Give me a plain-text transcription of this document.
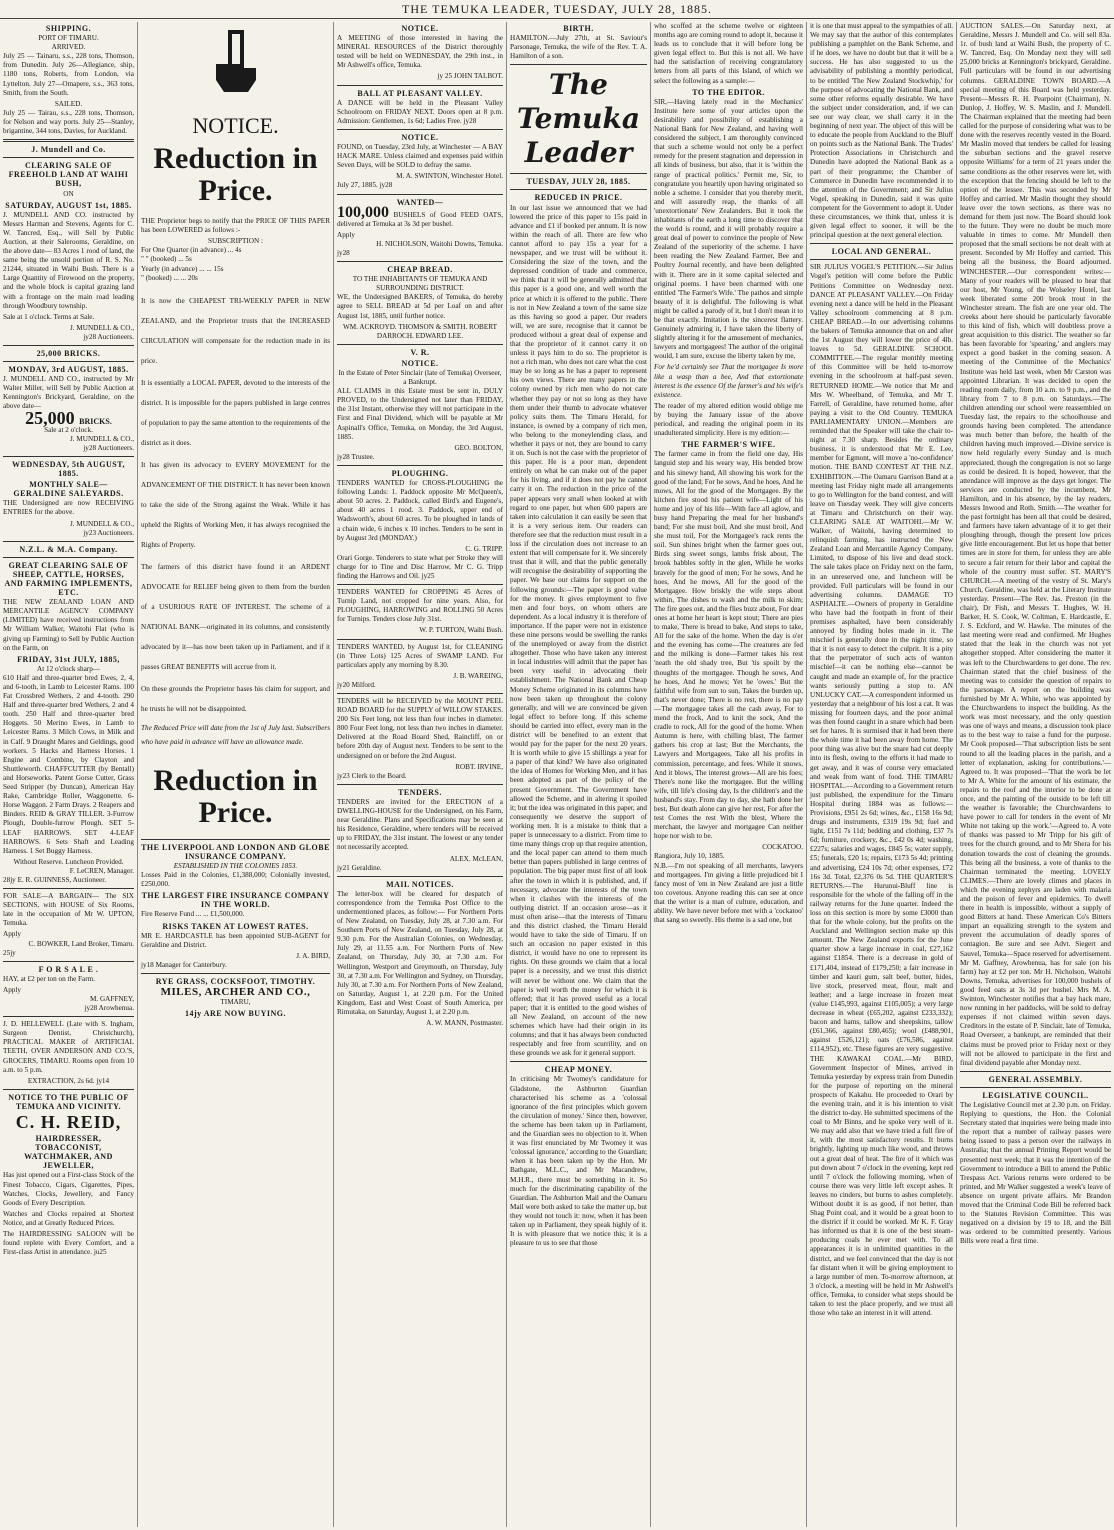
THE TEMUKA LEADER, TUESDAY, JULY 28, 1885.
SHIPPING.
PORT OF TIMARU.
ARRIVED.

July 25 — Tainaru, s.s., 228 tons, Thomson, from Dunedin. July 26—Allegiance, ship, 1180 tons, Roberts, from London, via Lyttelton. July 27—Omapere, s.s., 363 tons, Smith, from the South.

SAILED.

July 25 — Tairau, s.s., 228 tons, Thomson, for Nelson and way ports. July 25—Stanley, brigantine, 344 tons, Davies, for Auckland.

J. Mundell and Co.
CLEARING SALE OF FREEHOLD LAND AT WAIHI BUSH,
ON
SATURDAY, AUGUST 1st, 1885.

J. MUNDELL AND CO. instructed by Messrs Harman and Stevens, Agents for C. W. Tancred, Esq., will Sell by Public Auction, at their Salerooms, Geraldine, on the above date— 83 Acres 1 rood of land, the same being the unsold portion of R. S. No. 21244, situated in Waihi Bush. There is a Large Quantity of Firewood on the property, and the whole block is capital grazing land with a frontage on the main road leading through Woodbury township.

Sale at 1 o'clock. Terms at Sale.

J. MUNDELL & CO.,
jy28 Auctioneers.
25,000 BRICKS.
MONDAY, 3rd AUGUST, 1885.

J. MUNDELL AND CO., instructed by Mr Walter Miller, will Sell by Public Auction at Kennington's Brickyard, Geraldine, on the above date—

25,000 BRICKS.
Sale at 2 o'clock.
J. MUNDELL & CO.,
jy28 Auctioneers.
WEDNESDAY, 5th AUGUST, 1885.
MONTHLY SALE—GERALDINE SALEYARDS.

THE Undersigned are now RECEIVING ENTRIES for the above.

J. MUNDELL & CO.,
jy23 Auctioneers.
N.Z.L. & M.A. Company.
GREAT CLEARING SALE OF SHEEP, CATTLE, HORSES, AND FARMING IMPLEMENTS, ETC.

THE NEW ZEALAND LOAN AND MERCANTILE AGENCY COMPANY (LIMITED) have received instructions from Mr William Walker, Waitohi Flat (who is giving up Farming) to Sell by Public Auction on the Farm, on

FRIDAY, 31st JULY, 1885,
At 12 o'clock sharp—

610 Half and three-quarter bred Ewes, 2, 4, and 6-tooth, in Lamb to Leicester Rams. 100 Fat Crossbred Wethers, 2 and 4-tooth. 290 Half and three-quarter bred Wethers, 2 and 4 tooth. 250 Half and three-quarter bred Hoggets. 50 Merino Ewes, in Lamb to Leicester Rams. 3 Milch Cows, in Milk and in Calf. 9 Draught Mares and Geldings, good workers. 5 Hacks and Harness Horses. 1 Engine and Combine, by Clayton and Shuttleworth. CHAFFCUTTER (by Bentall) and Horseworks. Patent Gorse Cutter, Grass Seed Stripper (by Duncan), American Hay Rake, Cambridge Roller, Waggonette. 6-Horse Waggon. 2 Farm Drays. 2 Reapers and Binders. REID & GRAY TILLER. 3-Furrow Plough, Double-furrow Plough. SET 5-LEAF HARROWS. SET 4-LEAF HARROWS. 6 Sets Shaft and Leading Harness. 1 Set Buggy Harness.

Without Reserve. Luncheon Provided.
F. LeCREN, Manager.
28jy E. R. GUINNESS, Auctioneer.

FOR SALE—A BARGAIN— The SIX SECTIONS, with HOUSE of Six Rooms, late in the occupation of Mr W. UPTON, Temuka.

Apply
C. BOWKER, Land Broker, Timaru.
25jy
F O R S A L E .

HAY, at £2 per ton on the Farm.

Apply
M. GAFFNEY,
jy28 Arowhenua.

J. D. HELLEWELL (Late with S. Ingham, Surgeon Dentist, Christchurch), PRACTICAL MAKER of ARTIFICIAL TEETH, OVER ANDERSON AND CO.'S, GROCERS, TIMARU. Rooms open from 10 a.m. to 5 p.m.

EXTRACTION, 2s 6d. jy14
NOTICE TO THE PUBLIC OF TEMUKA AND VICINITY.
C. H. REID,
HAIRDRESSER, TOBACCONIST, WATCHMAKER, AND JEWELLER,

Has just opened out a First-class Stock of the Finest Tobacco, Cigars, Cigarettes, Pipes, Watches, Clocks, Jewellery, and Fancy Goods of Every Description.

Watches and Clocks repaired at Shortest Notice, and at Greatly Reduced Prices.

The HAIRDRESSING SALOON will be found replete with Every Comfort, and a First-class Artist in attendance. ju25

NOTICE.
Reduction in Price.

THE Proprietor begs to notify that the PRICE OF THIS PAPER has been LOWERED as follows :-

SUBSCRIPTION :
For One Quarter (in advance) ... 4s
" " (booked) ... 5s
Yearly (in advance) ... ... 15s
" (booked) ... ... 20s

It is now the CHEAPEST TRI-WEEKLY PAPER in NEW ZEALAND, and the Proprietor trusts that the INCREASED CIRCULATION will compensate for the reduction made in its price.

It is essentially a LOCAL PAPER, devoted to the interests of the district. It is impossible for the papers published in large centres of population to pay the same attention to the requirements of the district as it does.

It has given its advocacy to EVERY MOVEMENT for the ADVANCEMENT OF THE DISTRICT. It has never been known to take the side of the Strong against the Weak. While it has upheld the Rights of Working Men, it has always recognised the Rights of Property.

The farmers of this district have found it an ARDENT ADVOCATE for RELIEF being given to them from the burden of a USURIOUS RATE OF INTEREST. The scheme of a NATIONAL BANK—originated in its columns, and consistently advocated by it—has now been taken up in Parliament, and if it passes GREAT BENEFITS will accrue from it.

On these grounds the Proprietor bases his claim for support, and he trusts he will not be disappointed.

The Reduced Price will date from the 1st of July last. Subscribers who have paid in advance will have an allowance made.

Reduction in Price.
THE LIVERPOOL AND LONDON AND GLOBE INSURANCE COMPANY.
ESTABLISHED IN THE COLONIES 1853.

Losses Paid in the Colonies, £1,388,000; Colonially invested, £250,000.

THE LARGEST FIRE INSURANCE COMPANY IN THE WORLD.
Fire Reserve Fund ... ... £1,500,000.
RISKS TAKEN AT LOWEST RATES.

MR E. HARDCASTLE has been appointed SUB-AGENT for Geraldine and District.

J. A. BIRD,
jy18 Manager for Canterbury.
RYE GRASS, COCKSFOOT, TIMOTHY.
MILES, ARCHER AND CO.,
TIMARU,
14jy ARE NOW BUYING.
NOTICE.

A MEETING of those interested in having the MINERAL RESOURCES of the District thoroughly tested will be held on WEDNESDAY, the 29th inst., in Mr Ashwell's office, Temuka.

jy 25 JOHN TALBOT.
BALL AT PLEASANT VALLEY.

A DANCE will be held in the Pleasant Valley Schoolroom on FRIDAY NEXT. Doors open at 8 p.m. Admission: Gentlemen, 1s 6d; Ladies Free. jy28

NOTICE.

FOUND, on Tuesday, 23rd July, at Winchester — A BAY HACK MARE. Unless claimed and expenses paid within Seven Days, will be SOLD to defray the same.

M. A. SWINTON, Winchester Hotel.
July 27, 1885. jy28
WANTED—

100,000 BUSHELS of Good FEED OATS, delivered at Temuka at 3s 3d per bushel.

Apply
H. NICHOLSON, Waitohi Downs, Temuka.
jy28
CHEAP BREAD.
TO THE INHABITANTS OF TEMUKA AND SURROUNDING DISTRICT.

WE, the Undersigned BAKERS, of Temuka, do hereby agree to SELL BREAD at 5d per Loaf on and after August 1st, 1885, until further notice.

WM. ACKROYD. THOMSON & SMITH. ROBERT DARROCH. EDWARD LEE.
V. R.
NOTICE.
In the Estate of Peter Sinclair (late of Temuka) Overseer, a Bankrupt.

ALL CLAIMS in this Estate must be sent in, DULY PROVED, to the Undersigned not later than FRIDAY, the 31st Instant, otherwise they will not participate in the First and Final Dividend, which will be payable at Mr Aspinall's Office, Temuka, on Monday, the 3rd August, 1885.

GEO. BOLTON,
jy28 Trustee.
PLOUGHING.

TENDERS WANTED for CROSS-PLOUGHING the following Lands: 1. Paddock opposite Mr McQueen's, about 50 acres. 2. Paddock, called Bird's and Eugene's, about 40 acres 1 rood. 3. Paddock, upper end of Wadsworth's, about 60 acres. To be ploughed in lands of a chain wide, 6 inches x 10 inches. Tenders to be sent in by August 3rd (MONDAY.)

C. G. TRIPP.

Orari Gorge. Tenderers to state what per Stroke they will charge for to Tine and Disc Harrow, Mr C. G. Tripp finding the Harrows and Oil. jy25

TENDERS WANTED for CROPPING 45 Acres of Turnip Land, not cropped for nine years. Also, for PLOUGHING, HARROWING and ROLLING 50 Acres for Turnips. Tenders close July 31st.

W. P. TURTON, Waihi Bush.

TENDERS WANTED, by August 1st, for CLEANING (in Three Lots) 125 Acres of SWAMP LAND. For particulars apply any morning by 8.30.

J. B. WAREING,
jy20 Milford.

TENDERS will be RECEIVED by the MOUNT PEEL ROAD BOARD for the SUPPLY of WILLOW STAKES. 200 Six Feet long, not less than four inches in diameter. 800 Four Feet long, not less than two inches in diameter. Delivered at the Road Board Shed, Raincliff, on or before 20th day of August next. Tenders to be sent to the undersigned on or before the 2nd August.

ROBT. IRVINE,
jy23 Clerk to the Board.
TENDERS.

TENDERS are invited for the ERECTION of a DWELLING-HOUSE for the Undersigned, on his Farm, near Geraldine. Plans and Specifications may be seen at his Residence, Geraldine, where tenders will be received up to FRIDAY, the 31st instant. The lowest or any tender not necessarily accepted.

ALEX. McLEAN,
jy21 Geraldine.
MAIL NOTICES.

The letter-box will be cleared for despatch of correspondence from the Temuka Post Office to the undermentioned places, as follow:— For Northern Ports of New Zealand, on Tuesday, July 28, at 7.30 a.m. For Southern Ports of New Zealand, on Tuesday, July 28, at 9.30 p.m. For the Australian Colonies, on Wednesday, July 29, at 11.55 a.m. For Northern Ports of New Zealand, on Thursday, July 30, at 7.30 a.m. For Wellington, Westport and Greymouth, on Thursday, July 30, at 7.30 a.m. For Wellington and Sydney, on Thursday, July 30, at 7.30 a.m. For Northern Ports of New Zealand, on Saturday, August 1, at 2.20 p.m. For the United Kingdom, East and West Coast of South America, per Rimutaka, on Saturday, August 1, at 2.20 p.m.

A. W. MANN, Postmaster.
BIRTH.

HAMILTON.—July 27th, at St. Saviour's Parsonage, Temuka, the wife of the Rev. T. A. Hamilton of a son.

The Temuka Leader
TUESDAY, JULY 28, 1885.
REDUCED IN PRICE.

In our last issue we announced that we had lowered the price of this paper to 15s paid in advance and £1 if booked per annum. It is now within the reach of all. There are few who cannot afford to pay 15s a year for a newspaper, and we trust will be without it. Considering the size of the town, and the depressed condition of trade and commerce, we think that it will be generally admitted that this paper is a good one, and well worth the price at which it is offered to the public. There is not in New Zealand a town of the same size as this having so good a paper. Our readers will, we are sure, recognise that it cannot be produced without a great deal of expense and that the proprietor of it cannot carry it on unless it pays him to do so. The proprietor is not a rich man, who does not care what the cost may be so long as he has a paper to represent his own views. There are many papers in the colony owned by rich men who do not care whether they pay or not so long as they have them under their thumb to advocate whatever policy suits them. The Timaru Herald, for instance, is owned by a company of rich men, who belong to the moneylending class, and whether it pays or not, they are bound to carry it on. Such is not the case with the proprietor of this paper. He is a poor man, dependent entirely on what he can make out of the paper for his living, and if it does not pay he cannot carry it on. The reduction in the price of the paper appears very small when looked at with regard to one paper, but when 600 papers are taken into calculation it can easily be seen that it is a very serious item. Our readers can therefore see that the reduction must result in a loss if the circulation does not increase to an extent that will compensate for it. We sincerely trust that it will, and that the public generally will recognise the desirability of supporting the paper. We base our claims for support on the following grounds:—The paper is good value for the money. It gives employment to five men and four boys, on whom others are dependent. As a local industry it is therefore of importance. If the paper were not in existence these nine persons would be swelling the ranks of the unemployed or away from the district altogether. Those who have taken any interest in local industries will admit that the paper has been very useful in advocating their establishment. The National Bank and Cheap Money Scheme originated in its columns have now been taken up throughout the colony generally, and will we are convinced be given legal effect to before long. If this scheme should be carried into effect, every man in the district will be benefited to an extent that would pay for the paper for the next 20 years. It is worth while to give 15 shillings a year for a paper of that kind? We have also originated the idea of Homes for Working Men, and it has been adopted as part of the policy of the present Government. The Government have allowed the Scheme, and in altering it spoiled it; but the idea was originated in this paper, and consequently we deserve the support of working men. It is a mistake to think that a paper is unnecessary to a district. From time to time many things crop up that require attention, and the local paper can attend to them much better than papers published in large centres of population. The big paper must first of all look after the town in which it is published, and, if necessary, advocate the interests of the town when it clashes with the interests of the outlying district. If an occasion arose—as it must often arise—that the interests of Timaru and this district clashed, the Timaru Herald would have to take the side of Timaru. If on such an occasion no paper existed in this district, it would have no one to represent its rights. On these grounds we claim that a local paper is a necessity, and we trust this district will never be without one. We claim that the paper is well worth the money for which it is offered; that it has proved useful as a local paper; that it is entitled to the good wishes of all New Zealand, on account of the new schemes which have had their origin in its columns; and that it has always been conducted respectably and free from scurrility, and on these grounds we ask for it general support.

CHEAP MONEY.

In criticising Mr Twomey's candidature for Gladstone, the Ashburton Guardian characterised his scheme as a 'colossal ignorance of the first principles which govern the circulation of money.' Since then, however, the scheme has been taken up in Parliament, and the Guardian sees no objection to it. When it was first enunciated by Mr Twomey it was 'colossal ignorance,' according to the Guardian; when it has been taken up by the Hon. Mr Bathgate, M.L.C., and Mr Macandrew, M.H.R., there must be something in it. So much for the discriminating capability of the Guardian. The Ashburton Mail and the Oamaru Mail were both asked to take the matter up, but they would not touch it: now, when it has been taken up in Parliament, they speak highly of it. It is with pleasure that we notice this; it is a pleasure to us to see that those

who scoffed at the scheme twelve or eighteen months ago are coming round to adopt it, because it leads us to conclude that it will before long be given legal effect to. But this is not all. We have had the satisfaction of receiving congratulatory letters from all parts of this Island, of which we select the following as a sample:—

TO THE EDITOR.

SIR,—Having lately read in the Mechanics' Institute here some of your articles upon the desirability and possibility of establishing a National Bank for New Zealand, and having well considered the subject, I am thoroughly convinced that such a scheme would not only be a perfect remedy for the present stagnation and depression in all kinds of business, but also, that it is 'within the range of practical politics.' Permit me, Sir, to congratulate you heartily upon having originated so noble a scheme. I consider that you thereby merit, and will assuredly reap, the thanks of all 'unextortionate' New Zealanders. But it took the inhabitants of the earth a long time to discover that the world is round, and it will probably require a great deal of power to convince the people of New Zealand of the superiority of the scheme. I have been reading the New Zealand Farmer, Bee and Poultry Journal recently, and have been delighted with it. There are in it some capital selected and original poems. I have been charmed with one entitled 'The Farmer's Wife.' The pathos and simple beauty of it is delightful. The following is what might be called a parody of it, but I don't mean it to be that exactly. Imitation is the sincerest flattery. Genuinely admiring it, I have taken the liberty of slightly altering it for the amusement of mechanics, lawyers and mortgagees! The author of the original would, I am sure, excuse the liberty taken by me,

For he'd certainly see That the mortgagee Is more like a wasp than a bee, And that extortionate interest is the essence Of the farmer's and his wife's existence.

The reader of my altered edition would oblige me by buying the January issue of the above periodical, and reading the original poem in its unadulterated simplicity. Here is my edition:—

THE FARMER'S WIFE.

The farmer came in from the field one day, His languid step and his weary way, His bended brow and his sinewy hand, All showing his work for the good of the land; For he sows, And he hoes, And he mows, All for the good of the Mortgagee. By the kitchen fire stood his patient wife—Light of his home and joy of his life—With face all aglow, and busy hand Preparing the meal for her husband's band; For she must boil, And she must broil, And she must toil, For the Mortgagee's rack rents the soil. Sun shines bright when the farmer goes out, Birds sing sweet songs, lambs frisk about, The brook babbles softly in the glen, While he works bravely for the good of men; For he sows, And he hoes, And he mows, All for the good of the Mortgagee. How briskly the wife steps about within, The dishes to wash and the milk to skim; The fire goes out, and the flies buzz about, For dear ones at home her heart is kept stout; There are pies to make, There is bread to bake, And steps to take, All for the sake of the home. When the day is o'er and the evening has come—The creatures are fed and the milking is done—Farmer takes his rest 'neath the old shady tree, But 'tis spoilt by the thoughts of the mortgagee. Though he sows, And he hoes, And he mows; Yet he 'owes.' But the faithful wife from sun to sun, Takes the burden up, that's never done; There is no rest, there is no pay—The mortgagee takes all the cash away, For to mend the frock, And to knit the sock, And the cradle to rock, All for the good of the home. When Autumn is here, with chilling blast, The farmer gathers his crop at last; But the Merchants, the Lawyers and Mortgagees, Take all his profits in commission, percentage, and fees. While it snows, And it blows, The interest grows—All are his foes; There's none like the mortgagee. But the willing wife, till life's closing day, Is the children's and the husband's stay. From day to day, she hath done her best, But death alone can give her rest, For after the test Comes the rest With the blest, Where the merchant, the lawyer and mortgagee Can neither hope nor wish to be.

COCKATOO.
Rangiora, July 10, 1885.

N.B.—I'm not speaking of all merchants, lawyers and mortgagees. I'm giving a little prejudiced bit I fancy most of 'em in New Zealand are just a little too covetous. Anyone reading this can see at once that the writer is a man of culture, education, and ability. We have never before met with a 'cockatoo' that sang so sweetly. His theme is a sad one, but

it is one that must appeal to the sympathies of all. We may say that the author of this contemplates publishing a pamphlet on the Bank Scheme, and if he does, we have no doubt but that it will be a success. He has also suggested to us the advisability of publishing a monthly periodical, to be entitled 'The New Zealand Stockwhip,' for the purpose of advocating the National Bank, and some other reforms equally desirable. We have the subject under consideration, and, if we can see our way clear, we shall carry it in the beginning of next year. The object of this will be to educate the people from Auckland to the Bluff on points such as the National Bank. The Trades' Protection Associations in Christchurch and Dunedin have adopted the National Bank as a part of their programme; the Chamber of Commerce in Dunedin have recommended it to the attention of the Government; and Sir Julius Vogel, speaking in Dunedin, said it was quite competent for the Government to adopt it. Under these circumstances, we think that, unless it is given legal effect to sooner, it will be the principal question at the next general election.

LOCAL AND GENERAL.

SIR JULIUS VOGEL'S PETITION.—Sir Julius Vogel's petition will come before the Public Petitions Committee on Wednesday next. DANCE AT PLEASANT VALLEY.—On Friday evening next a dance will be held in the Pleasant Valley schoolroom commencing at 8 p.m. CHEAP BREAD.—In our advertising columns the bakers of Temuka announce that on and after the 1st August they will lower the price of 4lb. loaves to 5d. GERALDINE SCHOOL COMMITTEE.—The regular monthly meeting of this Committee will be held to-morrow evening in the schoolroom at half-past seven. RETURNED HOME.—We notice that Mr and Mrs W. Wheelband, of Temuka, and Mr T. Farrell, of Geraldine, have returned home, after paying a visit to the Old Country. TEMUKA PARLIAMENTARY UNION.—Members are reminded that the Speaker will take the chair to-night at 7.30 sharp. Besides the ordinary business, it is understood that Mr E. Lee, member for Egmont, will move a 'no-confidence' motion. THE BAND CONTEST AT THE N.Z. EXHIBITION.—The Oamaru Garrison Band at a meeting last Friday night made all arrangements to go to Wellington for the band contest, and will leave on Tuesday week. They will give concerts at Timaru and Christchurch on their way. CLEARING SALE AT WAITOHI.—Mr W. Walker, of Waitohi, having determined to relinquish farming, has instructed the New Zealand Loan and Mercantile Agency Company, Limited, to dispose of his live and dead stock. The sale takes place on Friday next on the farm, in an unreserved one, and luncheon will be provided. Full particulars will be found in our advertising columns. DAMAGE TO ASPHALTE.—Owners of property in Geraldine who have had the footpath in front of their premises asphalted, have been considerably annoyed by finding holes made in it. The mischief is generally done in the night time, so that it is not easy to detect the culprit. It is a pity that the perpetrator of such acts of wanton mischief—it can be nothing else—cannot be caught and made an example of, for the practice wants seriously putting a stop to. AN UNLUCKY CAT.—A correspondent informed us yesterday that a neighbour of his lost a cat. It was missing for fourteen days, and the poor animal was then found caught in a snare which had been set for hares. It is surmised that it had been there the whole time it had been away from home. The poor thing was alive but the snare had cut deeply into its flesh, owing to the efforts it had made to get away, and it was of course very emaciated and weak from want of food. THE TIMARU HOSPITAL.—According to a Government return just published, the expenditure for the Timaru Hospital during 1884 was as follows:—Provisions, £951 2s 6d; wines, &c., £158 16s 9d; drugs and instruments, £319 19s 9d; fuel and light, £151 7s 11d; bedding and clothing, £37 7s 6d; furniture, crockery, &c., £42 0s 4d; washing, £227s; salaries and wages, £845 5s; water supply, £5; funerals, £20 1s; repairs, £173 5s 4d; printing and advertising, £24 10s 7d; other expenses, £72 16s 3d. Total, £2,376 0s 5d. THE QUARTER'S RETURNS.—The Hurunui-Bluff line is responsible for the whole of the falling off in the railway returns for the June quarter. Indeed the loss on this section is more by some £3000 than that for the whole colony, but the profits on the Auckland and Wellington section make up this amount. The New Zealand exports for the June quarter show a large increase in coal, £27,162 against £1854. There is a decrease in gold of £171,404, instead of £179,250; a fair increase in timber and kauri gum, salt beef, butter, hides, live stock, preserved meat, flour, malt and leather; and a large increase in frozen meat (value £145,993, against £105,005); a very large decrease in wheat (£65,202, against £233,332); bacon and hams, tallow and sheepskins, tallow (£61,366, against £80,465); wool (£488,901, against £526,121); oats (£76,586, against £114,952), etc. These figures are very suggestive. THE KAWAKAI COAL.—Mr BIRD, Government Inspector of Mines, arrived in Temuka yesterday by express train from Dunedin for the purpose of reporting on the mineral prospects of Kakahu. He proceeded to Orari by the evening train, and it is his intention to visit the district to-day. He submitted specimens of the coal to Mr Binns, and he spoke very well of it. We may add also that we have tried a full fire of it, with the most satisfactory results. It burns brightly, lighting up much like wood, and throws out a great deal of heat. The fire of it which was put down about 7 o'clock in the evening, kept red until 7 o'clock the following morning, when of course there was very little left except ashes. It leaves no cinders, but burns to ashes completely. Without doubt it is as good, if not better, than Shag Point coal, and it would be a great boon to the district if it could be worked. Mr K. F. Gray has informed us that it is one of the best steam-producing coals he ever met with. To all appearances it is in unlimited quantities in the district, and we feel convinced that the day is not far distant when it will be giving employment to a large number of men. To-morrow afternoon, at 3 o'clock, a meeting will be held in Mr Ashwell's office, Temuka, to consider what steps should be taken to test the place properly, and we trust all those who take an interest in it will attend.

AUCTION SALES.—On Saturday next, at Geraldine, Messrs J. Mundell and Co. will sell 83a. 1r. of bush land at Waihi Bush, the property of C. W. Tancred, Esq. On Monday next they will sell 25,000 bricks at Kennington's brickyard, Geraldine. Full particulars will be found in our advertising columns. GERALDINE TOWN BOARD.—A special meeting of this Board was held yesterday. Present—Messrs R. H. Pearpoint (Chairman), N. Dunlop, J. Hoffey, W. S. Maslin, and J. Mundell. The Chairman explained that the meeting had been called for the purpose of considering what was to be done with the reserves recently vested in the Board. Mr Maslin moved that tenders be called for leasing the suburban sections and the gravel reserve opposite Williams' for a term of 21 years under the same conditions as the other reserves were let, with the exception that the fencing should be left to the option of the lessee. This was seconded by Mr Hoffey and carried. Mr Maslin thought they should leave over the town sections, as there was no demand for them just now. The Board should look to the future. They were no doubt be much more valuable in times to come. Mr Mundell then proposed that the small sections be not dealt with at present. Seconded by Mr Hoffey and carried. This being all the business, the Board adjourned. WINCHESTER.—Our correspondent writes:—Many of your readers will be pleased to hear that our host, Mr Young, of the Wolseley Hotel, last week liberated some 200 brook trout in the Winchester stream. The fish are one year old. The creeks about here should be particularly favorable to this kind of fish, which will doubtless prove a great acquisition to this district. The weather so far has been favorable for 'spearing,' and anglers may expect a good basket in the coming season. A meeting of the Committee of the Mechanics' Institute was held last week, when Mr Carston was appointed Librarian. It was decided to open the reading room daily, from 10 a.m. to 9 p.m., and the library from 7 to 8 p.m. on Saturdays.—The children attending our school were reassembled on Tuesday last, the repairs to the schoolhouse and grounds having been completed. The attendance was much better than before, the health of the children having much improved.—Divine service is now held regularly every Sunday and is much appreciated, though the congregation is not so large as could be desired. It is hoped, however, that the attendance will improve as the days get longer. The services are conducted by the incumbent, Mr Hamilton, and in his absence, by the lay readers, Messrs Inwood and Roth. Smith.—The weather for the past fortnight has been all that could be desired, and farmers have taken advantage of it to get their ploughing through, though the present low prices give little encouragement. But let us hope that better times are in store for them, for unless they are able to secure a fair return for their labor and capital the whole of the country must suffer. ST. MARY'S CHURCH.—A meeting of the vestry of St. Mary's Church, Geraldine, was held at the Literary Institute yesterday. Present—The Rev. Jas. Preston (in the chair), Dr Fish, and Messrs T. Hughes, W. H. Barker, H. S. Cook, W. Coltman, E. Hardcastle, E. J. S. Eckford, and W. Hawke. The minutes of the last meeting were read and confirmed. Mr Hughes stated that the leak in the church was not yet altogether stopped. After considering the matter it was left to the Churchwardens to get done. The rev. Chairman stated that the chief business of the meeting was to consider the question of repairs to the parsonage. A report on the building was furnished by Mr A. White, who was appointed by the Churchwardens to inspect the building. As the work was most necessary, and the only question was one of ways and means, a discussion took place as to the best way to raise a fund for the purpose. Mr Cook proposed—'That subscription lists be sent round to all the leading places in the parish, and a letter of explanation, asking for contributions.'—Agreed to. It was proposed—'That the work be let to Mr A. White for the amount of his estimate, the repairs to the roof and the interior to be done at once, and the painting of the outside to be left till the weather is favorable; the Churchwardens to have power to call for tenders in the event of Mr White not taking up the work.'—Agreed to. A vote of thanks was passed to Mr Tripp for his gift of trees for the church ground, and to Mr Shera for his donation towards the cost of cleaning the grounds. This being all the business, a vote of thanks to the Chairman terminated the meeting. LOVELY CLIMES.—There are lovely climes and places in which the evening zephyrs are laden with malaria and the poison of fever and epidemics. To dwell there in health is impossible, without a supply of good Bitters at hand. These American Co's Bitters impart an equalizing strength to the system and prevent the accumulation of deadly spores of contagion. Be sure and see Advt. Siegert and Sauvel, Temuka—Space reserved for advertisement. Mr M. Gaffney, Arowhenua, has for sale (on his farm) hay at £2 per ton. Mr H. Nicholson, Waitohi Downs, Temuka, advertises for 100,000 bushels of good feed oats at 3s 3d per bushel. Mrs M. A. Swinton, Winchester notifies that a bay hack mare, now running in her paddocks, will be sold to defray expenses if not claimed within seven days. Creditors in the estate of P. Sinclair, late of Temuka, Road Overseer, a bankrupt, are reminded that their claims must be proved prior to Friday next or they will not be allowed to participate in the first and final dividend payable after Monday next.

GENERAL ASSEMBLY.
LEGISLATIVE COUNCIL.

The Legislative Council met at 2.30 p.m. on Friday. Replying to questions, the Hon. the Colonial Secretary stated that inquiries were being made into the report that a number of railway passes were being issued to pass a person over the railways in Australia; that the annual Printing Report would be presented next week; that it was the intention of the Government to introduce a Bill to amend the Public Trespass Act. Various returns were ordered to be printed, and Mr Walker suggested a week's leave of absence on urgent private affairs. Mr Brandon moved that the Criminal Code Bill be referred back to the Statutes Revision Committee. This was negatived on a division by 19 to 18, and the Bill was ordered to be committed presently. Various Bills were read a first time.
